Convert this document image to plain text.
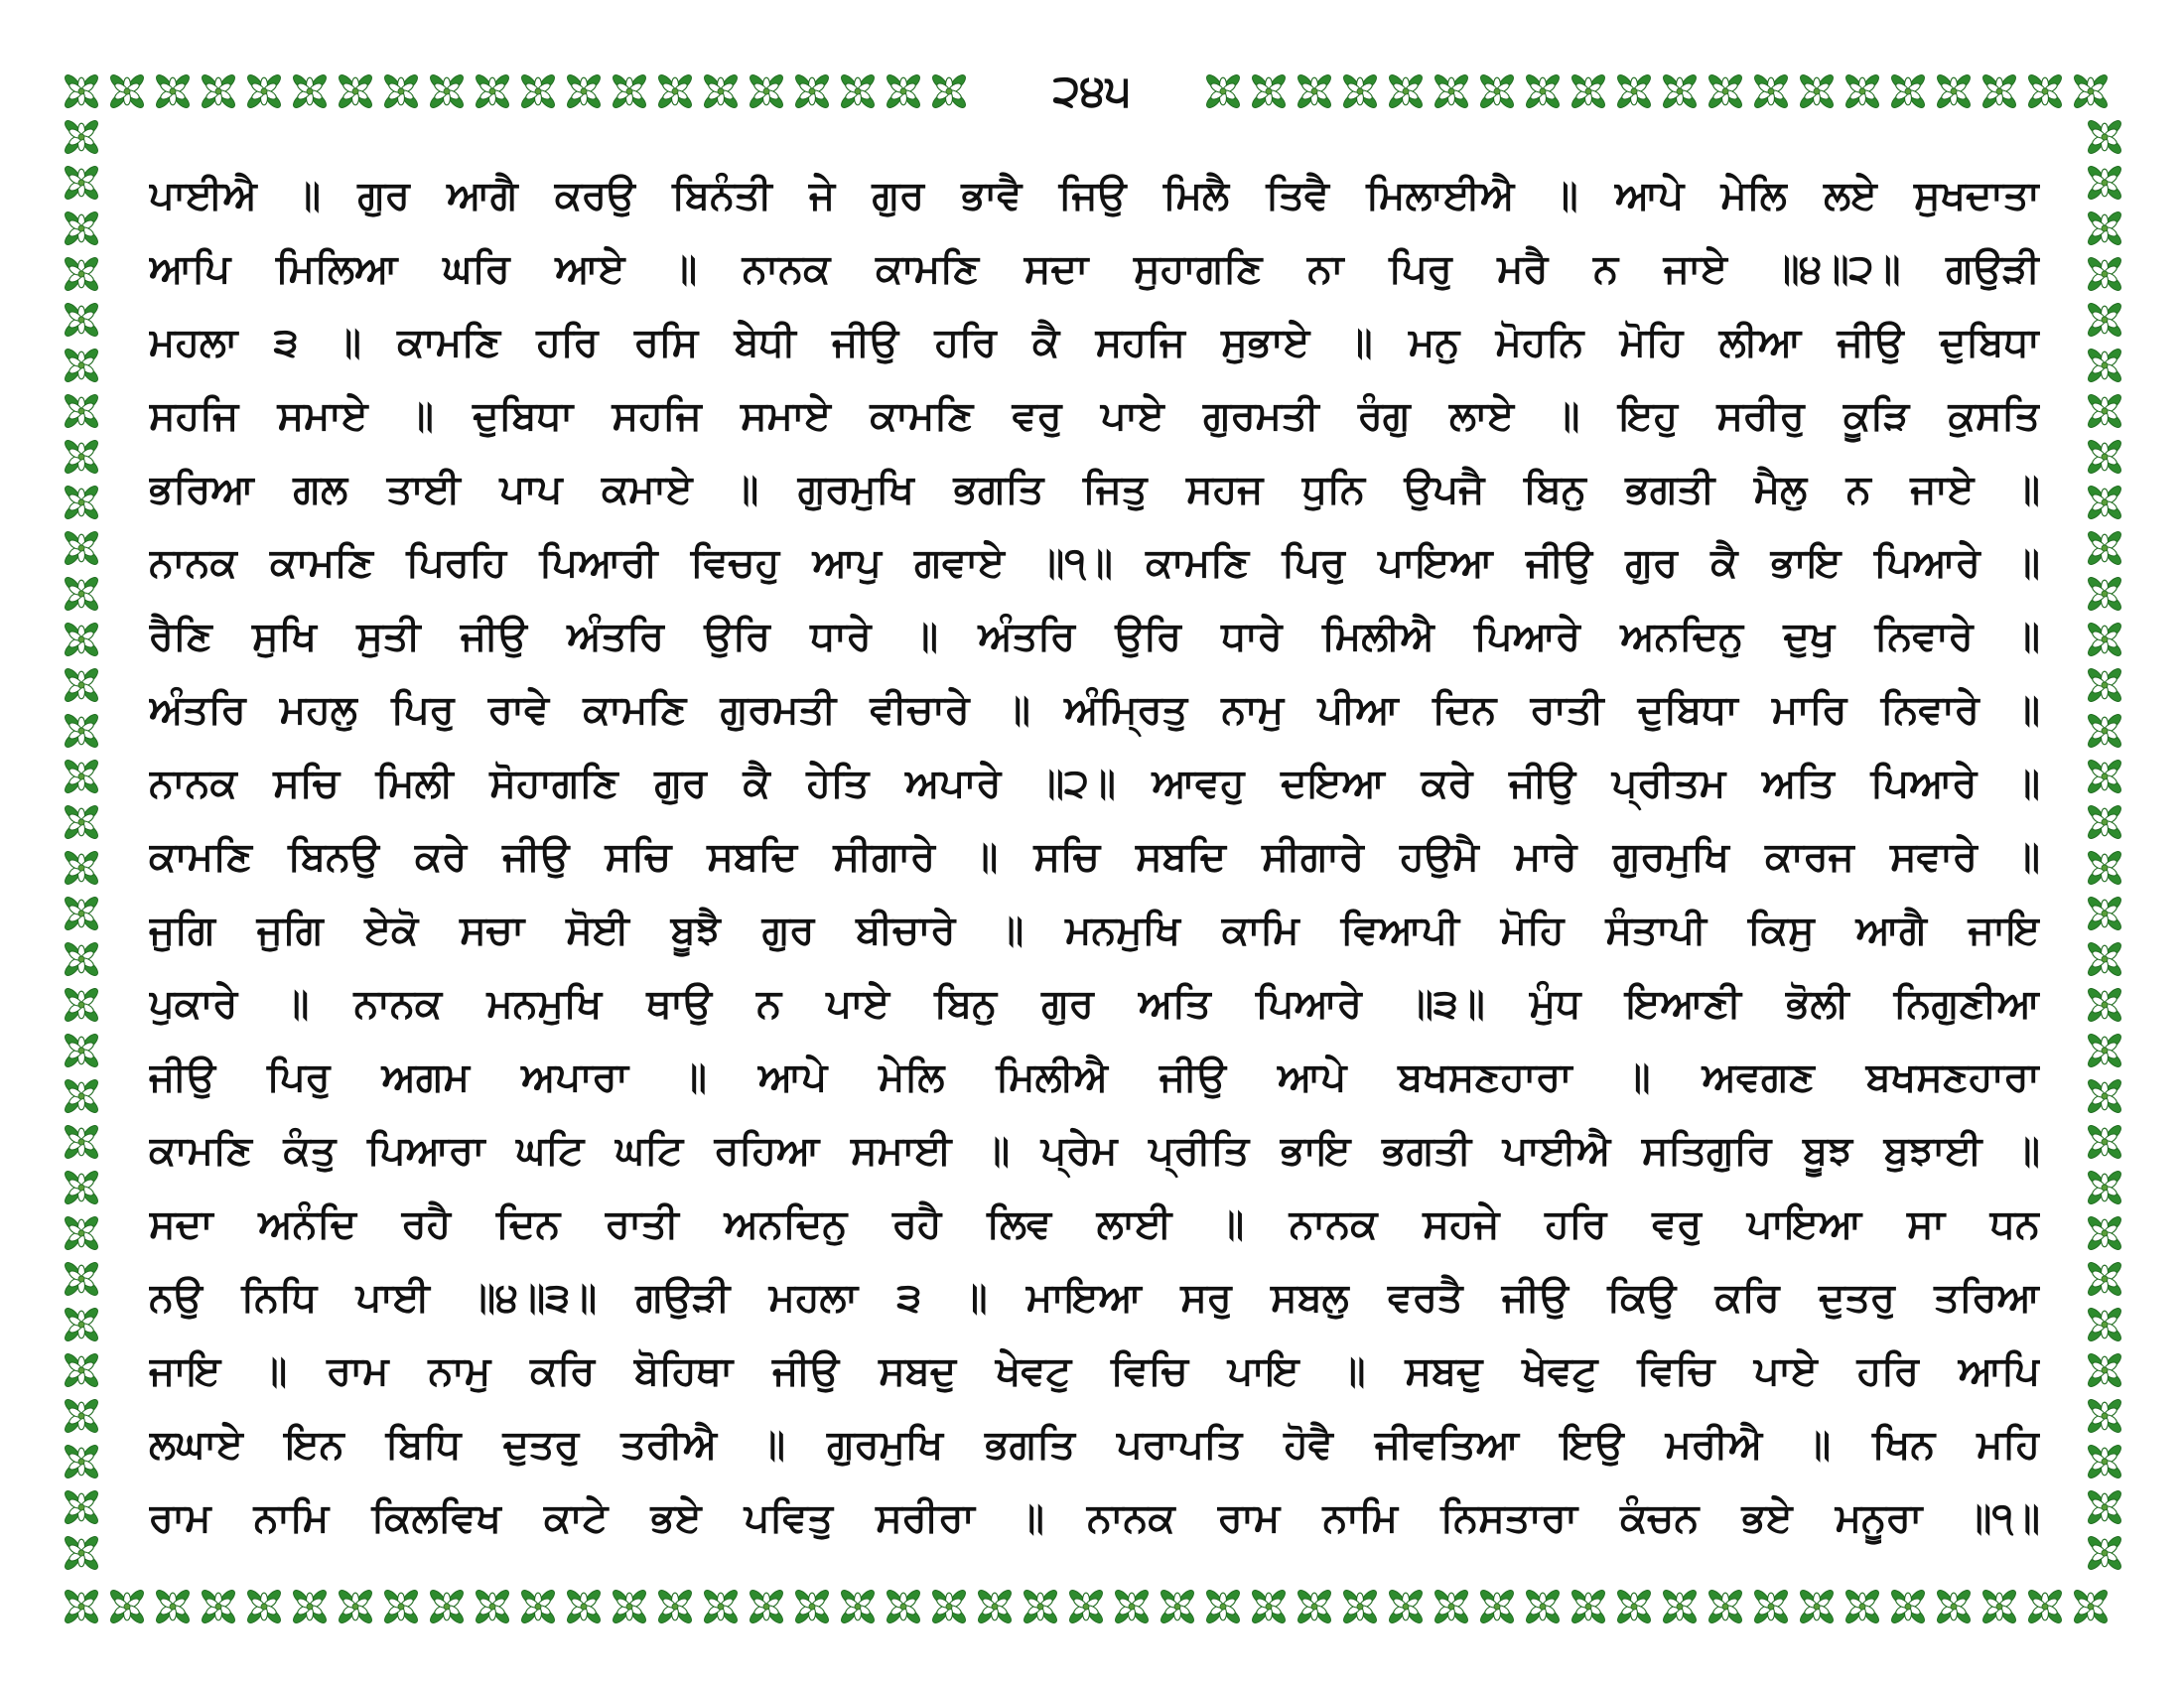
੨੪੫
ਪਾਈਐ ॥ ਗੁਰ ਆਗੈ ਕਰਉ ਬਿਨੰਤੀ ਜੇ ਗੁਰ ਭਾਵੈ ਜਿਉ ਮਿਲੈ ਤਿਵੈ ਮਿਲਾਈਐ ॥ ਆਪੇ ਮੇਲਿ ਲਏ ਸੁਖਦਾਤਾ
ਆਪਿ ਮਿਲਿਆ ਘਰਿ ਆਏ ॥ ਨਾਨਕ ਕਾਮਣਿ ਸਦਾ ਸੁਹਾਗਣਿ ਨਾ ਪਿਰੁ ਮਰੈ ਨ ਜਾਏ ॥੪॥੨॥ ਗਉੜੀ
ਮਹਲਾ ੩ ॥ ਕਾਮਣਿ ਹਰਿ ਰਸਿ ਬੇਧੀ ਜੀਉ ਹਰਿ ਕੈ ਸਹਜਿ ਸੁਭਾਏ ॥ ਮਨੁ ਮੋਹਨਿ ਮੋਹਿ ਲੀਆ ਜੀਉ ਦੁਬਿਧਾ
ਸਹਜਿ ਸਮਾਏ ॥ ਦੁਬਿਧਾ ਸਹਜਿ ਸਮਾਏ ਕਾਮਣਿ ਵਰੁ ਪਾਏ ਗੁਰਮਤੀ ਰੰਗੁ ਲਾਏ ॥ ਇਹੁ ਸਰੀਰੁ ਕੂੜਿ ਕੁਸਤਿ
ਭਰਿਆ ਗਲ ਤਾਈ ਪਾਪ ਕਮਾਏ ॥ ਗੁਰਮੁਖਿ ਭਗਤਿ ਜਿਤੁ ਸਹਜ ਧੁਨਿ ਉਪਜੈ ਬਿਨੁ ਭਗਤੀ ਮੈਲੁ ਨ ਜਾਏ ॥
ਨਾਨਕ ਕਾਮਣਿ ਪਿਰਹਿ ਪਿਆਰੀ ਵਿਚਹੁ ਆਪੁ ਗਵਾਏ ॥੧॥ ਕਾਮਣਿ ਪਿਰੁ ਪਾਇਆ ਜੀਉ ਗੁਰ ਕੈ ਭਾਇ ਪਿਆਰੇ ॥
ਰੈਣਿ ਸੁਖਿ ਸੁਤੀ ਜੀਉ ਅੰਤਰਿ ਉਰਿ ਧਾਰੇ ॥ ਅੰਤਰਿ ਉਰਿ ਧਾਰੇ ਮਿਲੀਐ ਪਿਆਰੇ ਅਨਦਿਨੁ ਦੁਖੁ ਨਿਵਾਰੇ ॥
ਅੰਤਰਿ ਮਹਲੁ ਪਿਰੁ ਰਾਵੇ ਕਾਮਣਿ ਗੁਰਮਤੀ ਵੀਚਾਰੇ ॥ ਅੰਮ੍ਰਿਤੁ ਨਾਮੁ ਪੀਆ ਦਿਨ ਰਾਤੀ ਦੁਬਿਧਾ ਮਾਰਿ ਨਿਵਾਰੇ ॥
ਨਾਨਕ ਸਚਿ ਮਿਲੀ ਸੋਹਾਗਣਿ ਗੁਰ ਕੈ ਹੇਤਿ ਅਪਾਰੇ ॥੨॥ ਆਵਹੁ ਦਇਆ ਕਰੇ ਜੀਉ ਪ੍ਰੀਤਮ ਅਤਿ ਪਿਆਰੇ ॥
ਕਾਮਣਿ ਬਿਨਉ ਕਰੇ ਜੀਉ ਸਚਿ ਸਬਦਿ ਸੀਗਾਰੇ ॥ ਸਚਿ ਸਬਦਿ ਸੀਗਾਰੇ ਹਉਮੈ ਮਾਰੇ ਗੁਰਮੁਖਿ ਕਾਰਜ ਸਵਾਰੇ ॥
ਜੁਗਿ ਜੁਗਿ ਏਕੋ ਸਚਾ ਸੋਈ ਬੂਝੈ ਗੁਰ ਬੀਚਾਰੇ ॥ ਮਨਮੁਖਿ ਕਾਮਿ ਵਿਆਪੀ ਮੋਹਿ ਸੰਤਾਪੀ ਕਿਸੁ ਆਗੈ ਜਾਇ
ਪੁਕਾਰੇ ॥ ਨਾਨਕ ਮਨਮੁਖਿ ਥਾਉ ਨ ਪਾਏ ਬਿਨੁ ਗੁਰ ਅਤਿ ਪਿਆਰੇ ॥੩॥ ਮੁੰਧ ਇਆਣੀ ਭੋਲੀ ਨਿਗੁਣੀਆ
ਜੀਉ ਪਿਰੁ ਅਗਮ ਅਪਾਰਾ ॥ ਆਪੇ ਮੇਲਿ ਮਿਲੀਐ ਜੀਉ ਆਪੇ ਬਖਸਣਹਾਰਾ ॥ ਅਵਗਣ ਬਖਸਣਹਾਰਾ
ਕਾਮਣਿ ਕੰਤੁ ਪਿਆਰਾ ਘਟਿ ਘਟਿ ਰਹਿਆ ਸਮਾਈ ॥ ਪ੍ਰੇਮ ਪ੍ਰੀਤਿ ਭਾਇ ਭਗਤੀ ਪਾਈਐ ਸਤਿਗੁਰਿ ਬੂਝ ਬੁਝਾਈ ॥
ਸਦਾ ਅਨੰਦਿ ਰਹੈ ਦਿਨ ਰਾਤੀ ਅਨਦਿਨੁ ਰਹੈ ਲਿਵ ਲਾਈ ॥ ਨਾਨਕ ਸਹਜੇ ਹਰਿ ਵਰੁ ਪਾਇਆ ਸਾ ਧਨ
ਨਉ ਨਿਧਿ ਪਾਈ ॥੪॥੩॥ ਗਉੜੀ ਮਹਲਾ ੩ ॥ ਮਾਇਆ ਸਰੁ ਸਬਲੁ ਵਰਤੈ ਜੀਉ ਕਿਉ ਕਰਿ ਦੁਤਰੁ ਤਰਿਆ
ਜਾਇ ॥ ਰਾਮ ਨਾਮੁ ਕਰਿ ਬੋਹਿਥਾ ਜੀਉ ਸਬਦੁ ਖੇਵਟੁ ਵਿਚਿ ਪਾਇ ॥ ਸਬਦੁ ਖੇਵਟੁ ਵਿਚਿ ਪਾਏ ਹਰਿ ਆਪਿ
ਲਘਾਏ ਇਨ ਬਿਧਿ ਦੁਤਰੁ ਤਰੀਐ ॥ ਗੁਰਮੁਖਿ ਭਗਤਿ ਪਰਾਪਤਿ ਹੋਵੈ ਜੀਵਤਿਆ ਇਉ ਮਰੀਐ ॥ ਖਿਨ ਮਹਿ
ਰਾਮ ਨਾਮਿ ਕਿਲਵਿਖ ਕਾਟੇ ਭਏ ਪਵਿਤੁ ਸਰੀਰਾ ॥ ਨਾਨਕ ਰਾਮ ਨਾਮਿ ਨਿਸਤਾਰਾ ਕੰਚਨ ਭਏ ਮਨੂਰਾ ॥੧॥
